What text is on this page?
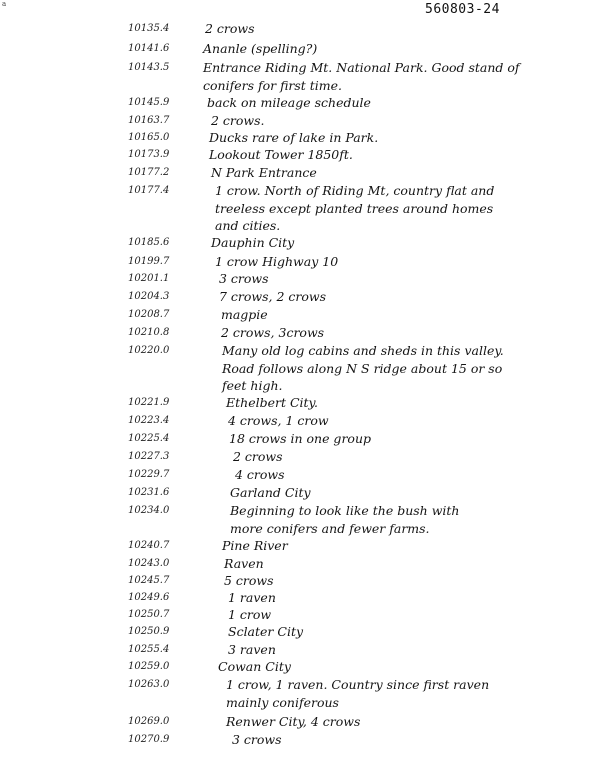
a	560803-24
10135.4	2 crows
10141.6	Ananle (spelling?)
10143.5	Entrance Riding Mt. National Park. Good stand of
conifers for first time.
10145.9	back on mileage schedule
10163.7	2 crows.
10165.0	Ducks rare of lake in Park.
10173.9	Lookout Tower 1850ft.
10177.2	N Park Entrance
10177.4	1 crow. North of Riding Mt, country flat and
treeless except planted trees around homes
and cities.
10185.6	Dauphin City
10199.7	1 crow Highway 10
10201.1	3 crows
10204.3	7 crows, 2 crows
10208.7	magpie
10210.8	2 crows, 3crows
10220.0	Many old log cabins and sheds in this valley.
Road follows along N S ridge about 15 or so
feet high.
10221.9	Ethelbert City.
10223.4	4 crows, 1 crow
10225.4	18 crows in one group
10227.3	2 crows
10229.7	4 crows
10231.6	Garland City
10234.0	Beginning to look like the bush with
more conifers and fewer farms.
10240.7	Pine River
10243.0	Raven
10245.7	5 crows
10249.6	1 raven
10250.7	1 crow
10250.9	Sclater City
10255.4	3 raven
10259.0	Cowan City
10263.0	1 crow, 1 raven. Country since first raven
mainly coniferous
10269.0	Renwer City, 4 crows
10270.9	3 crows
